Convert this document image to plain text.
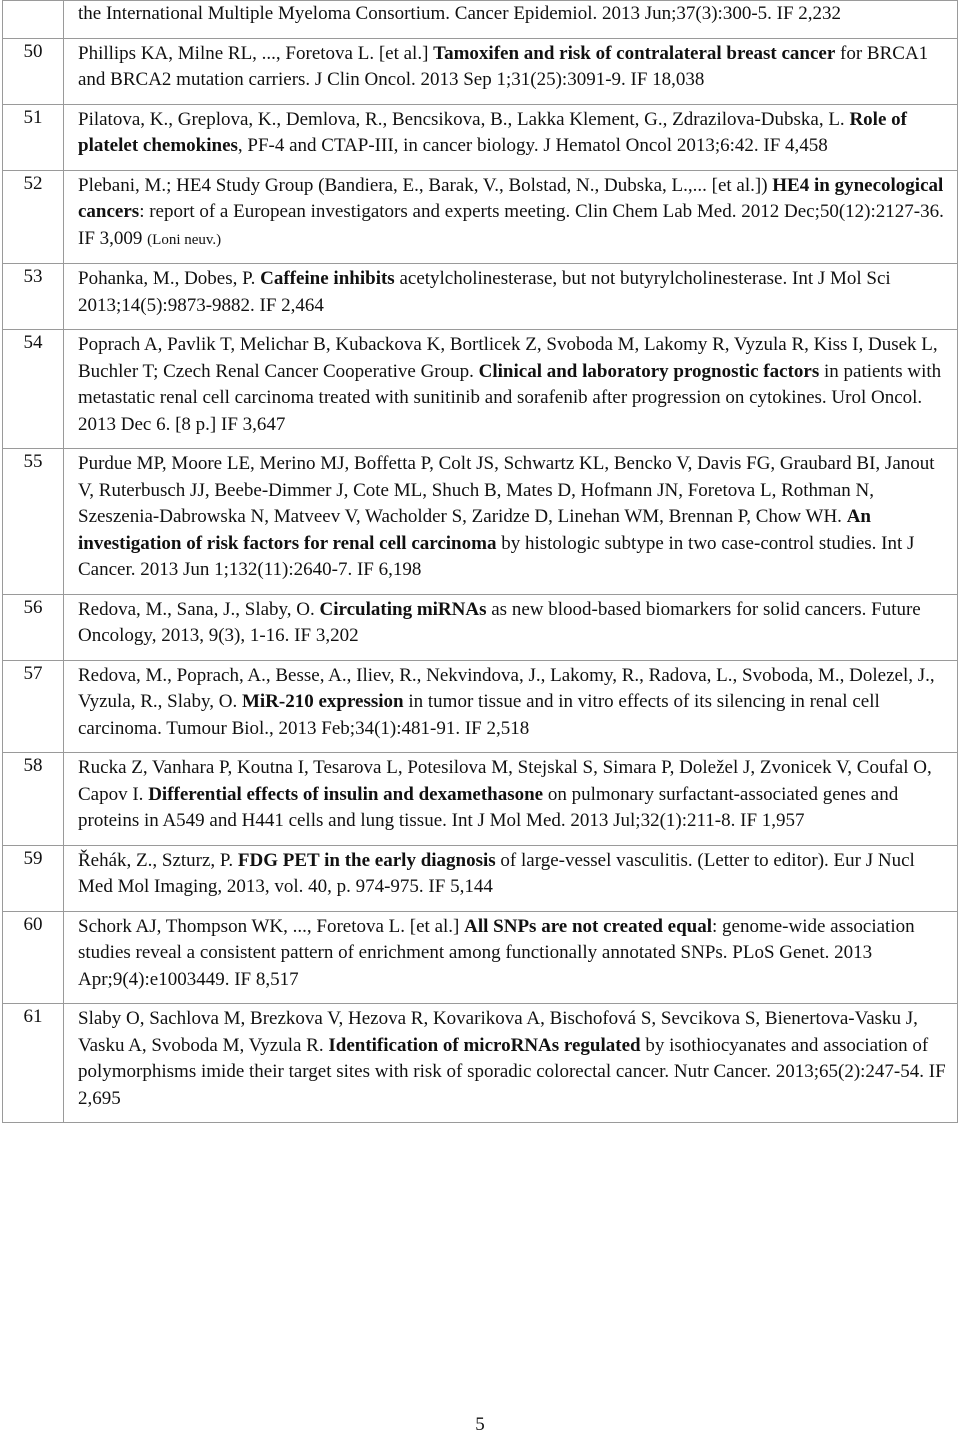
	the International Multiple Myeloma Consortium. Cancer Epidemiol. 2013 Jun;37(3):300-5. IF 2,232
50	Phillips KA, Milne RL, ..., Foretova L. [et al.] Tamoxifen and risk of contralateral breast cancer for BRCA1 and BRCA2 mutation carriers. J Clin Oncol. 2013 Sep 1;31(25):3091-9. IF 18,038
51	Pilatova, K., Greplova, K., Demlova, R., Bencsikova, B., Lakka Klement, G., Zdrazilova-Dubska, L. Role of platelet chemokines, PF-4 and CTAP-III, in cancer biology. J Hematol Oncol 2013;6:42. IF 4,458
52	Plebani, M.; HE4 Study Group (Bandiera, E., Barak, V., Bolstad, N., Dubska, L.,... [et al.]) HE4 in gynecological cancers: report of a European investigators and experts meeting. Clin Chem Lab Med. 2012 Dec;50(12):2127-36. IF 3,009 (Loni neuv.)
53	Pohanka, M., Dobes, P. Caffeine inhibits acetylcholinesterase, but not butyrylcholinesterase. Int J Mol Sci 2013;14(5):9873-9882. IF 2,464
54	Poprach A, Pavlik T, Melichar B, Kubackova K, Bortlicek Z, Svoboda M, Lakomy R, Vyzula R, Kiss I, Dusek L, Buchler T; Czech Renal Cancer Cooperative Group. Clinical and laboratory prognostic factors in patients with metastatic renal cell carcinoma treated with sunitinib and sorafenib after progression on cytokines. Urol Oncol. 2013 Dec 6. [8 p.] IF 3,647
55	Purdue MP, Moore LE, Merino MJ, Boffetta P, Colt JS, Schwartz KL, Bencko V, Davis FG, Graubard BI, Janout V, Ruterbusch JJ, Beebe-Dimmer J, Cote ML, Shuch B, Mates D, Hofmann JN, Foretova L, Rothman N, Szeszenia-Dabrowska N, Matveev V, Wacholder S, Zaridze D, Linehan WM, Brennan P, Chow WH. An investigation of risk factors for renal cell carcinoma by histologic subtype in two case-control studies. Int J Cancer. 2013 Jun 1;132(11):2640-7. IF 6,198
56	Redova, M., Sana, J., Slaby, O. Circulating miRNAs as new blood-based biomarkers for solid cancers. Future Oncology, 2013, 9(3), 1-16. IF 3,202
57	Redova, M., Poprach, A., Besse, A., Iliev, R., Nekvindova, J., Lakomy, R., Radova, L., Svoboda, M., Dolezel, J., Vyzula, R., Slaby, O. MiR-210 expression in tumor tissue and in vitro effects of its silencing in renal cell carcinoma. Tumour Biol., 2013 Feb;34(1):481-91. IF 2,518
58	Rucka Z, Vanhara P, Koutna I, Tesarova L, Potesilova M, Stejskal S, Simara P, Doležel J, Zvonicek V, Coufal O, Capov I. Differential effects of insulin and dexamethasone on pulmonary surfactant-associated genes and proteins in A549 and H441 cells and lung tissue. Int J Mol Med. 2013 Jul;32(1):211-8. IF 1,957
59	Řehák, Z., Szturz, P. FDG PET in the early diagnosis of large-vessel vasculitis. (Letter to editor). Eur J Nucl Med Mol Imaging, 2013, vol. 40, p. 974-975. IF 5,144
60	Schork AJ, Thompson WK, ..., Foretova L. [et al.] All SNPs are not created equal: genome-wide association studies reveal a consistent pattern of enrichment among functionally annotated SNPs. PLoS Genet. 2013 Apr;9(4):e1003449. IF 8,517
61	Slaby O, Sachlova M, Brezkova V, Hezova R, Kovarikova A, Bischofová S, Sevcikova S, Bienertova-Vasku J, Vasku A, Svoboda M, Vyzula R. Identification of microRNAs regulated by isothiocyanates and association of polymorphisms imide their target sites with risk of sporadic colorectal cancer. Nutr Cancer. 2013;65(2):247-54. IF 2,695
5
